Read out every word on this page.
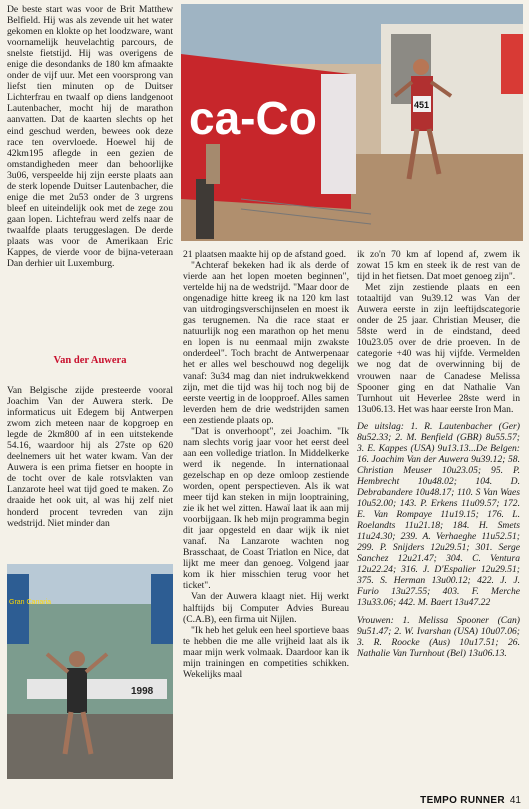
De beste start was voor de Brit Matthew Belfield. Hij was als zevende uit het water gekomen en klokte op het loodzware, want voornamelijk heuvelachtig parcours, de snelste fietstijd. Hij was overigens de enige die desondanks de 180 km afmaakte onder de vijf uur. Met een voorsprong van liefst tien minuten op de Duitser Lichterfrau en twaalf op diens landgenoot Lautenbacher, mocht hij de marathon aanvatten. Dat de kaarten slechts op het eind geschud werden, bewees ook deze race ten overvloede. Hoewel hij de 42km195 aflegde in een gezien de omstandigheden meer dan behoorlijke 3u06, verspeelde hij zijn eerste plaats aan de sterk lopende Duitser Lautenbacher, die enige die met 2u53 onder de 3 urgrens bleef en uiteindelijk ook met de zege zou gaan lopen. Lichtefrau werd zelfs naar de twaalfde plaats teruggeslagen. De derde plaats was voor de Amerikaan Eric Kappes, de vierde voor de bijna-veteraan Dan derhier uit Luxemburg.

Van der Auwera

Van Belgische zijde presteerde vooral Joachim Van der Auwera sterk. De informaticus uit Edegem bij Antwerpen zwom zich meteen naar de kopgroep en legde de 2km800 af in een uitstekende 54.16, waardoor hij als 27ste op 620 deelnemers uit het water kwam. Van der Auwera is een prima fietser en hoopte in de tocht over de kale rotsvlakten van Lanzarote heel wat tijd goed te maken. Zo draaide het ook uit, al was hij zelf niet honderd procent tevreden van zijn wedstrijd. Niet minder dan

ca-Co	451

21 plaatsen maakte hij op de afstand goed.

"Achteraf bekeken had ik als derde of vierde aan het lopen moeten beginnen", vertelde hij na de wedstrijd. "Maar door de ongenadige hitte kreeg ik na 120 km last van uitdrogingsverschijnselen en moest ik gas terugnemen. Na die race staat er natuurlijk nog een marathon op het menu en lopen is nu eenmaal mijn zwakste onderdeel". Toch bracht de Antwerpenaar het er alles wel beschouwd nog degelijk vanaf: 3u34 mag dan niet indrukwekkend zijn, met die tijd was hij toch nog bij de eerste veertig in de loopproef. Alles samen leverden hem de drie wedstrijden samen een zestiende plaats op.

"Dat is onverhoopt", zei Joachim. "Ik nam slechts vorig jaar voor het eerst deel aan een volledige triatlon. In Middelkerke werd ik negende. In internationaal gezelschap en op deze omloop zestiende worden, opent perspectieven. Als ik wat meer tijd kan steken in mijn looptraining, zie ik het wel zitten. Hawaï laat ik aan mij voorbijgaan. Ik heb mijn programma begin dit jaar opgesteld en daar wijk ik niet vanaf. Na Lanzarote wachten nog Brasschaat, de Coast Triatlon en Nice, dat lijkt me meer dan genoeg. Volgend jaar kom ik hier misschien terug voor het ticket".

Van der Auwera klaagt niet. Hij werkt halftijds bij Computer Advies Bureau (C.A.B), een firma uit Nijlen.

"Ik heb het geluk een heel sportieve baas te hebben die me alle vrijheid laat als ik maar mijn werk volmaak. Daardoor kan ik mijn trainingen en competities schikken. Wekelijks maal

ik zo'n 70 km af lopend af, zwem ik zowat 15 km en steek ik de rest van de tijd in het fietsen. Dat moet genoeg zijn".

Met zijn zestiende plaats en een totaaltijd van 9u39.12 was Van der Auwera eerste in zijn leeftijdscategorie onder de 25 jaar. Christian Meuser, die 58ste werd in de eindstand, deed 10u23.05 over de drie proeven. In de categorie +40 was hij vijfde. Vermelden we nog dat de overwinning bij de vrouwen naar de Canadese Melissa Spooner ging en dat Nathalie Van Turnhout uit Heverlee 28ste werd in 13u06.13. Het was haar eerste Iron Man.

De uitslag: 1. R. Lautenbacher (Ger) 8u52.33; 2. M. Benfield (GBR) 8u55.57; 3. E. Kappes (USA) 9u13.13...De Belgen: 16. Joachim Van der Auwera 9u39.12; 58. Christian Meuser 10u23.05; 95. P. Hembrecht 10u48.02; 104. D. Debrabandere 10u48.17; 110. S Van Waes 10u52.00; 143. P. Erkens 11u09.57; 172. E. Van Rompaye 11u19.15; 176. L. Roelandts 11u21.18; 184. H. Smets 11u24.30; 239. A. Verhaeghe 11u52.51; 299. P. Snijders 12u29.51; 301. Serge Sanchez 12u21.47; 304. C. Ventura 12u22.24; 316. J. D'Espalier 12u29.51; 375. S. Herman 13u00.12; 422. J. J. Furio 13u27.55; 403. F. Merche 13u33.06; 442. M. Baert 13u47.22

Vrouwen: 1. Melissa Spooner (Can) 9u51.47; 2. W. Ivarshan (USA) 10u07.06; 3. R. Roocke (Aus) 10u17.51; 26. Nathalie Van Turnhout (Bel) 13u06.13.

Gran Canaria
1998
TEMPO RUNNER 41
